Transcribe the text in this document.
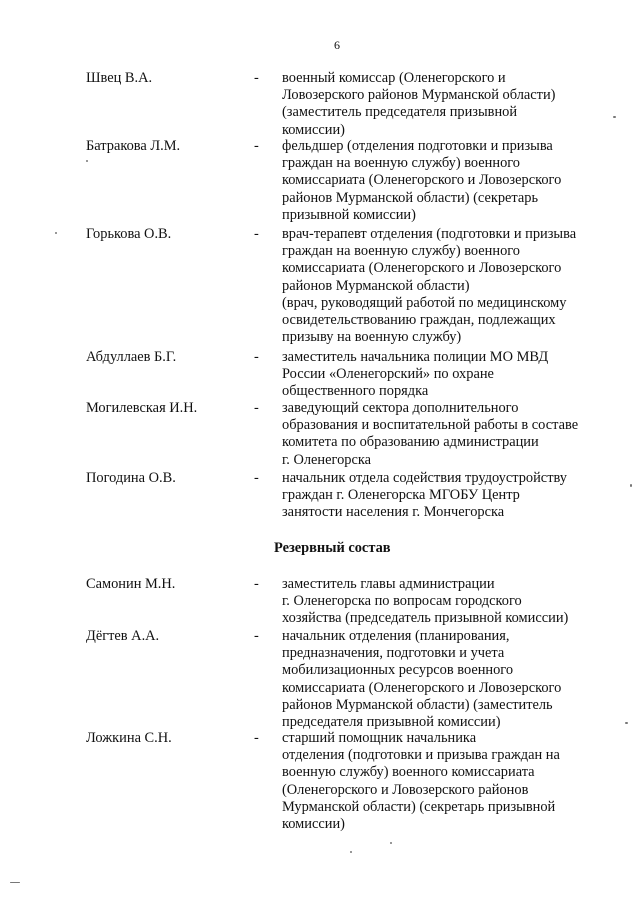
6
Швец В.А.	- военный комиссар (Оленегорского и
Ловозерского районов Мурманской области)
(заместитель председателя призывной
комиссии)
Батракова Л.М.	- фельдшер (отделения подготовки и призыва
граждан на военную службу) военного
комиссариата (Оленегорского и Ловозерского
районов Мурманской области) (секретарь
призывной комиссии)
Горькова О.В.	- врач-терапевт отделения (подготовки и призыва
граждан на военную службу) военного
комиссариата (Оленегорского и Ловозерского
районов Мурманской области)
(врач, руководящий работой по медицинскому
освидетельствованию граждан, подлежащих
призыву на военную службу)
Абдуллаев Б.Г.	- заместитель начальника полиции МО МВД
России «Оленегорский» по охране
общественного порядка
Могилевская И.Н.	- заведующий сектора дополнительного
образования и воспитательной работы в составе
комитета по образованию администрации
г. Оленегорска
Погодина О.В.	- начальник отдела содействия трудоустройству
граждан г. Оленегорска МГОБУ Центр
занятости населения г. Мончегорска
Резервный состав
Самонин М.Н.	- заместитель главы администрации
г. Оленегорска по вопросам городского
хозяйства (председатель призывной комиссии)
Дёгтев А.А.	- начальник отделения (планирования,
предназначения, подготовки и учета
мобилизационных ресурсов военного
комиссариата (Оленегорского и Ловозерского
районов Мурманской области) (заместитель
председателя призывной комиссии)
Ложкина С.Н.	- старший помощник начальника
отделения (подготовки и призыва граждан на
военную службу) военного комиссариата
(Оленегорского и Ловозерского районов
Мурманской области) (секретарь призывной
комиссии)
